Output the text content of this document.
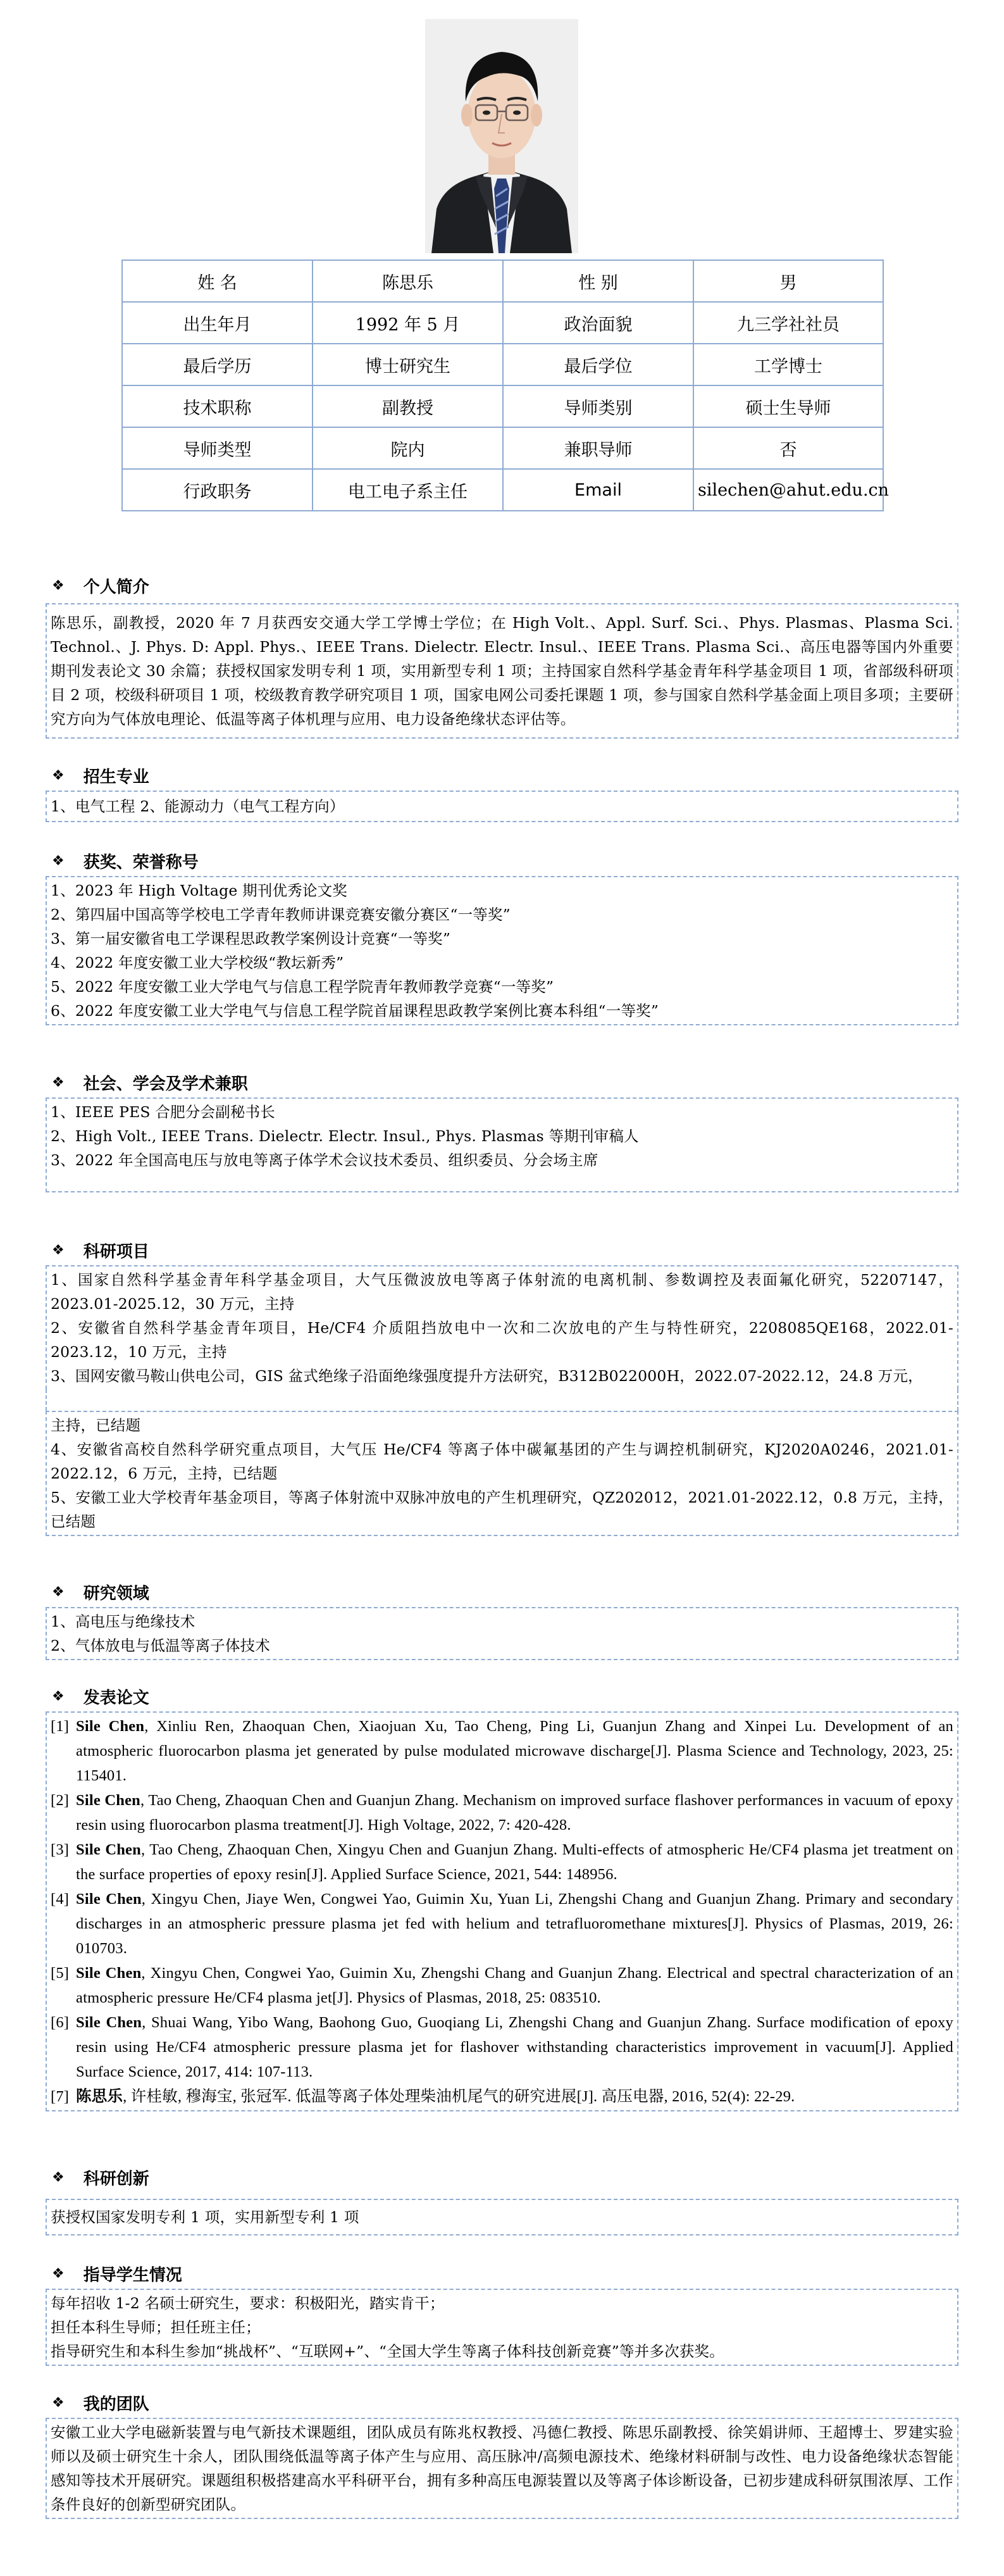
姓 名	陈思乐	性 别	男
出生年月	1992 年 5 月	政治面貌	九三学社社员
最后学历	博士研究生	最后学位	工学博士
技术职称	副教授	导师类别	硕士生导师
导师类型	院内	兼职导师	否
行政职务	电工电子系主任	Email	silechen@ahut.edu.cn
❖ 个人简介

陈思乐，副教授，2020 年 7 月获西安交通大学工学博士学位；在 High Volt.、Appl. Surf. Sci.、Phys. Plasmas、Plasma Sci. Technol.、J. Phys. D: Appl. Phys.、IEEE Trans. Dielectr. Electr. Insul.、IEEE Trans. Plasma Sci.、高压电器等国内外重要期刊发表论文 30 余篇；获授权国家发明专利 1 项，实用新型专利 1 项；主持国家自然科学基金青年科学基金项目 1 项，省部级科研项目 2 项，校级科研项目 1 项，校级教育教学研究项目 1 项，国家电网公司委托课题 1 项，参与国家自然科学基金面上项目多项；主要研究方向为气体放电理论、低温等离子体机理与应用、电力设备绝缘状态评估等。

❖ 招生专业

1、电气工程 2、能源动力（电气工程方向）

❖ 获奖、荣誉称号

1、2023 年 High Voltage 期刊优秀论文奖

2、第四届中国高等学校电工学青年教师讲课竞赛安徽分赛区“一等奖”

3、第一届安徽省电工学课程思政教学案例设计竞赛“一等奖”

4、2022 年度安徽工业大学校级“教坛新秀”

5、2022 年度安徽工业大学电气与信息工程学院青年教师教学竞赛“一等奖”

6、2022 年度安徽工业大学电气与信息工程学院首届课程思政教学案例比赛本科组“一等奖”

❖ 社会、学会及学术兼职

1、IEEE PES 合肥分会副秘书长

2、High Volt., IEEE Trans. Dielectr. Electr. Insul., Phys. Plasmas 等期刊审稿人

3、2022 年全国高电压与放电等离子体学术会议技术委员、组织委员、分会场主席

❖ 科研项目

1、国家自然科学基金青年科学基金项目，大气压微波放电等离子体射流的电离机制、参数调控及表面氟化研究，52207147，2023.01-2025.12，30 万元，主持

2、安徽省自然科学基金青年项目，He/CF4 介质阻挡放电中一次和二次放电的产生与特性研究，2208085QE168，2022.01-2023.12，10 万元，主持

3、国网安徽马鞍山供电公司，GIS 盆式绝缘子沿面绝缘强度提升方法研究，B312B022000H，2022.07-2022.12，24.8 万元，

主持，已结题

4、安徽省高校自然科学研究重点项目，大气压 He/CF4 等离子体中碳氟基团的产生与调控机制研究，KJ2020A0246，2021.01-2022.12，6 万元，主持，已结题

5、安徽工业大学校青年基金项目，等离子体射流中双脉冲放电的产生机理研究，QZ202012，2021.01-2022.12，0.8 万元，主持，已结题

❖ 研究领域

1、高电压与绝缘技术

2、气体放电与低温等离子体技术

❖ 发表论文
[1] Sile Chen, Xinliu Ren, Zhaoquan Chen, Xiaojuan Xu, Tao Cheng, Ping Li, Guanjun Zhang and Xinpei Lu. Development of an atmospheric fluorocarbon plasma jet generated by pulse modulated microwave discharge[J]. Plasma Science and Technology, 2023, 25: 115401.
[2] Sile Chen, Tao Cheng, Zhaoquan Chen and Guanjun Zhang. Mechanism on improved surface flashover performances in vacuum of epoxy resin using fluorocarbon plasma treatment[J]. High Voltage, 2022, 7: 420-428.
[3] Sile Chen, Tao Cheng, Zhaoquan Chen, Xingyu Chen and Guanjun Zhang. Multi-effects of atmospheric He/CF4 plasma jet treatment on the surface properties of epoxy resin[J]. Applied Surface Science, 2021, 544: 148956.
[4] Sile Chen, Xingyu Chen, Jiaye Wen, Congwei Yao, Guimin Xu, Yuan Li, Zhengshi Chang and Guanjun Zhang. Primary and secondary discharges in an atmospheric pressure plasma jet fed with helium and tetrafluoromethane mixtures[J]. Physics of Plasmas, 2019, 26: 010703.
[5] Sile Chen, Xingyu Chen, Congwei Yao, Guimin Xu, Zhengshi Chang and Guanjun Zhang. Electrical and spectral characterization of an atmospheric pressure He/CF4 plasma jet[J]. Physics of Plasmas, 2018, 25: 083510.
[6] Sile Chen, Shuai Wang, Yibo Wang, Baohong Guo, Guoqiang Li, Zhengshi Chang and Guanjun Zhang. Surface modification of epoxy resin using He/CF4 atmospheric pressure plasma jet for flashover withstanding characteristics improvement in vacuum[J]. Applied Surface Science, 2017, 414: 107-113.
[7] 陈思乐, 许桂敏, 穆海宝, 张冠军. 低温等离子体处理柴油机尾气的研究进展[J]. 高压电器, 2016, 52(4): 22-29.
❖ 科研创新

获授权国家发明专利 1 项，实用新型专利 1 项

❖ 指导学生情况

每年招收 1-2 名硕士研究生，要求：积极阳光，踏实肯干；

担任本科生导师；担任班主任；

指导研究生和本科生参加“挑战杯”、“互联网+”、“全国大学生等离子体科技创新竞赛”等并多次获奖。

❖ 我的团队

安徽工业大学电磁新装置与电气新技术课题组，团队成员有陈兆权教授、冯德仁教授、陈思乐副教授、徐笑娟讲师、王超博士、罗建实验师以及硕士研究生十余人，团队围绕低温等离子体产生与应用、高压脉冲/高频电源技术、绝缘材料研制与改性、电力设备绝缘状态智能感知等技术开展研究。课题组积极搭建高水平科研平台，拥有多种高压电源装置以及等离子体诊断设备，已初步建成科研氛围浓厚、工作条件良好的创新型研究团队。
